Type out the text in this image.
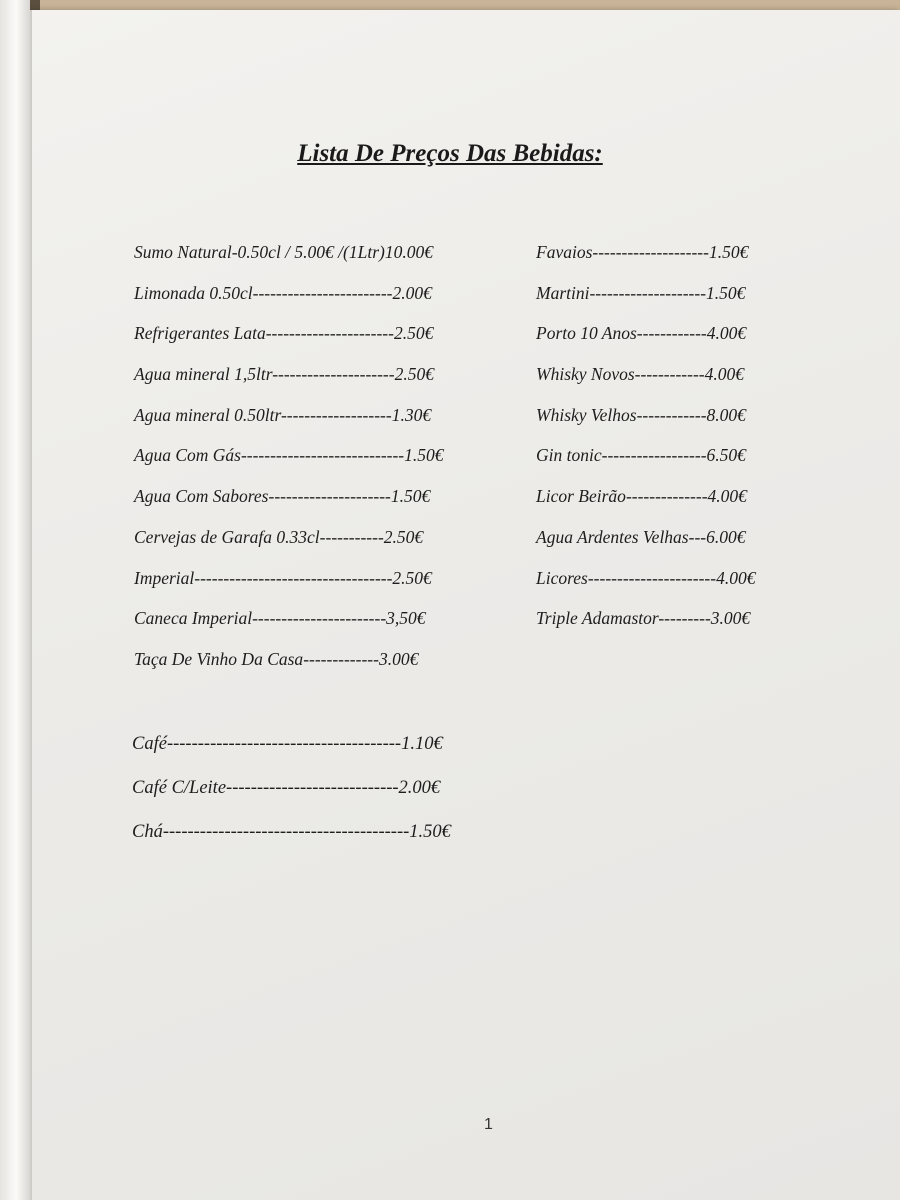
Lista De Preços Das Bebidas:
Sumo Natural-0.50cl / 5.00€ /(1Ltr)10.00€
Limonada 0.50cl------------------------2.00€
Refrigerantes Lata----------------------2.50€
Agua mineral 1,5ltr---------------------2.50€
Agua mineral 0.50ltr-------------------1.30€
Agua Com Gás----------------------------1.50€
Agua Com Sabores---------------------1.50€
Cervejas de Garafa 0.33cl-----------2.50€
Imperial----------------------------------2.50€
Caneca Imperial-----------------------3,50€
Taça De Vinho Da Casa-------------3.00€
Favaios--------------------1.50€
Martini--------------------1.50€
Porto 10 Anos------------4.00€
Whisky Novos------------4.00€
Whisky Velhos------------8.00€
Gin tonic------------------6.50€
Licor Beirão--------------4.00€
Agua Ardentes Velhas---6.00€
Licores----------------------4.00€
Triple Adamastor---------3.00€
Café--------------------------------------1.10€
Café C/Leite----------------------------2.00€
Chá----------------------------------------1.50€
1
